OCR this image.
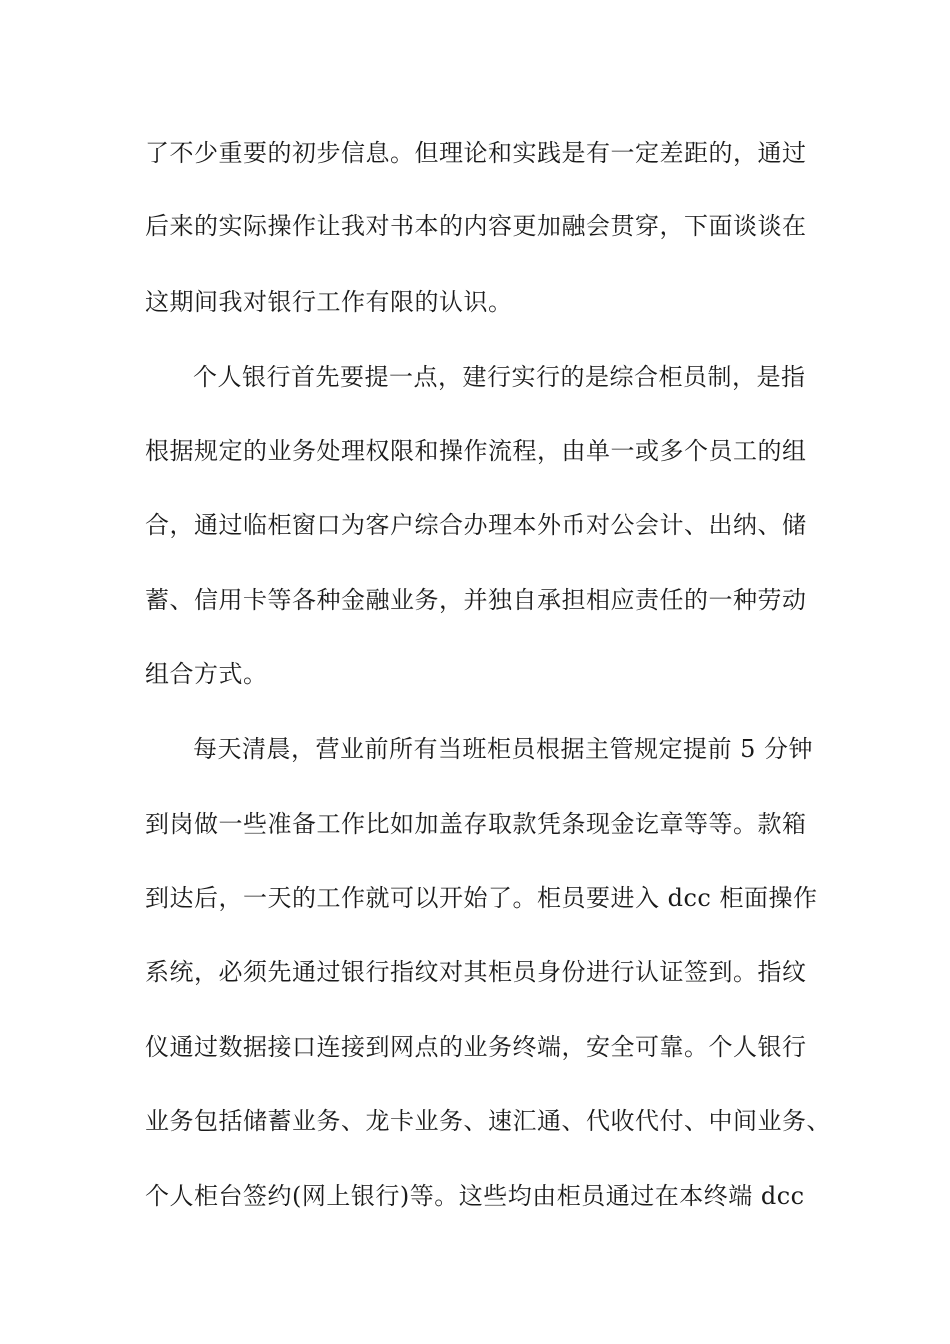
了不少重要的初步信息。但理论和实践是有一定差距的，通过
后来的实际操作让我对书本的内容更加融会贯穿，下面谈谈在
这期间我对银行工作有限的认识。
个人银行首先要提一点，建行实行的是综合柜员制，是指
根据规定的业务处理权限和操作流程，由单一或多个员工的组
合，通过临柜窗口为客户综合办理本外币对公会计、出纳、储
蓄、信用卡等各种金融业务，并独自承担相应责任的一种劳动
组合方式。
每天清晨，营业前所有当班柜员根据主管规定提前 5 分钟
到岗做一些准备工作比如加盖存取款凭条现金讫章等等。款箱
到达后，一天的工作就可以开始了。柜员要进入 dcc 柜面操作
系统，必须先通过银行指纹对其柜员身份进行认证签到。指纹
仪通过数据接口连接到网点的业务终端，安全可靠。个人银行
业务包括储蓄业务、龙卡业务、速汇通、代收代付、中间业务、
个人柜台签约(网上银行)等。这些均由柜员通过在本终端 dcc
